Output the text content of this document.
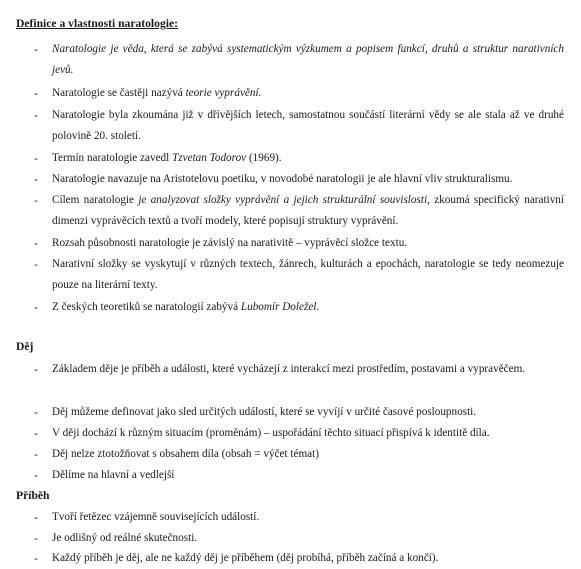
Definice a vlastnosti naratologie:
- Naratologie je věda, která se zabývá systematickým výzkumem a popisem funkcí, druhů a struktur narativních jevů.
- Naratologie se častěji nazývá teorie vyprávění.
- Naratologie byla zkoumána již v dřívějších letech, samostatnou součástí literární vědy se ale stala až ve druhé polovině 20. století.
- Termín naratologie zavedl Tzvetan Todorov (1969).
- Naratologie navazuje na Aristotelovu poetiku, v novodobé naratologii je ale hlavní vliv strukturalismu.
- Cílem naratologie je analyzovat složky vyprávění a jejich strukturální souvislosti, zkoumá specifický narativní dimenzi vyprávěcích textů a tvoří modely, které popisují struktury vyprávění.
- Rozsah působnosti naratologie je závislý na narativitě – vyprávěcí složce textu.
- Narativní složky se vyskytují v různých textech, žánrech, kulturách a epochách, naratologie se tedy neomezuje pouze na literární texty.
- Z českých teoretiků se naratologií zabývá Lubomír Doležel.
Děj
- Základem děje je příběh a události, které vycházejí z interakcí mezi prostředím, postavami a vypravěčem.
- Děj můžeme definovat jako sled určitých událostí, které se vyvíjí v určité časové posloupnosti.
- V ději dochází k různým situacím (proměnám) – uspořádání těchto situací přispívá k identitě díla.
- Děj nelze ztotožňovat s obsahem díla (obsah = výčet témat)
- Dělíme na hlavní a vedlejší
Příběh
- Tvoří řetězec vzájemně souvisejících událostí.
- Je odlišný od reálné skutečnosti.
- Každý příběh je děj, ale ne každý děj je příběhem (děj probíhá, příběh začíná a končí).
